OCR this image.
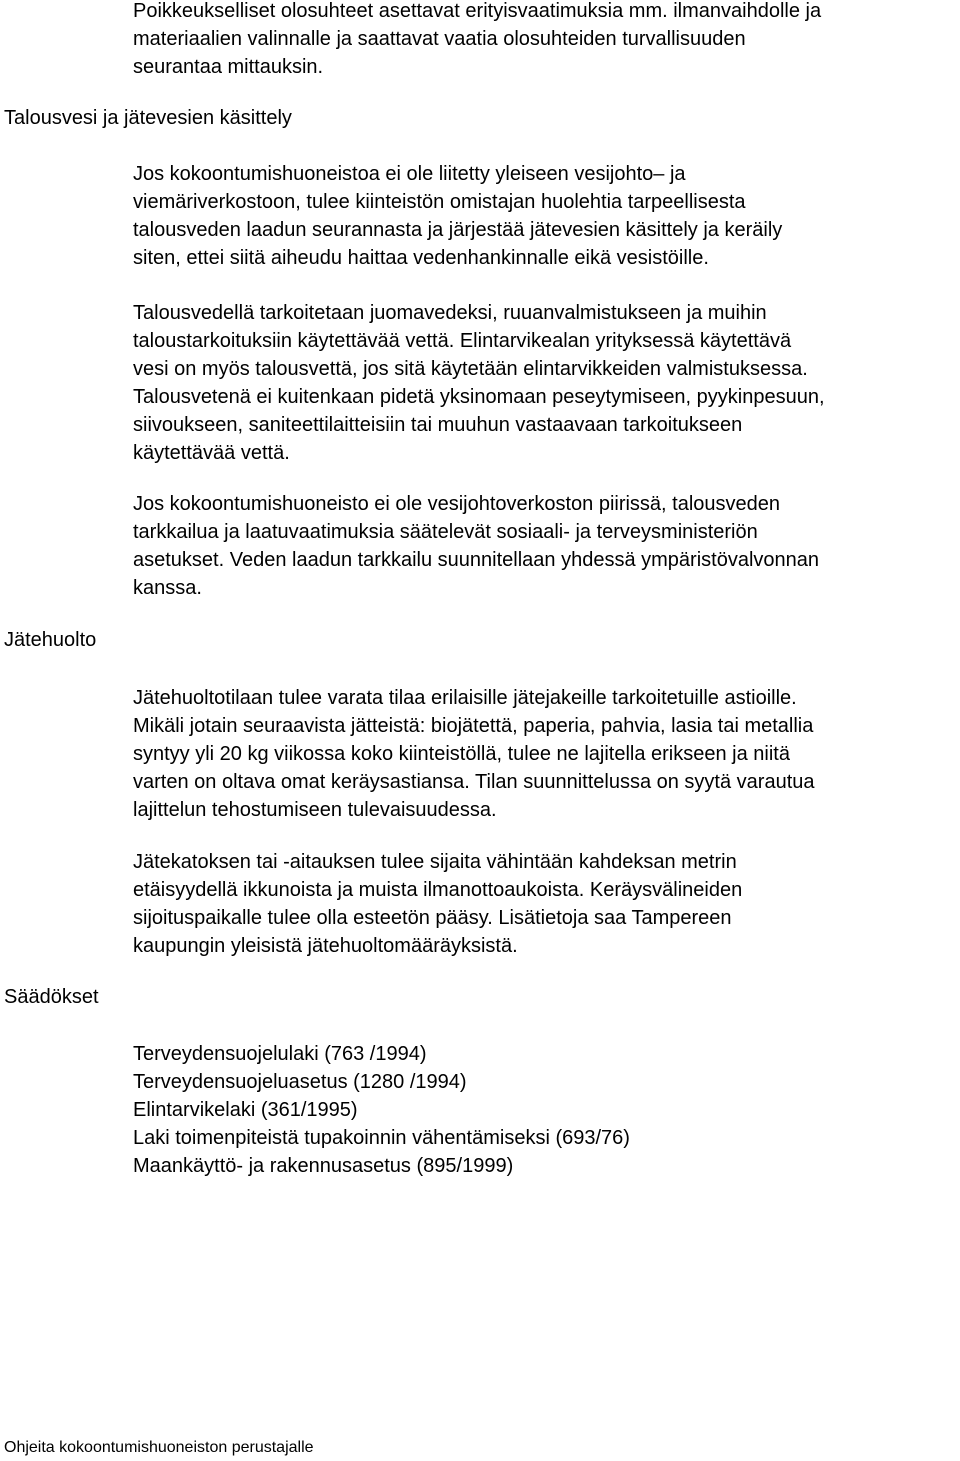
Poikkeukselliset olosuhteet asettavat erityisvaatimuksia mm. ilmanvaihdolle ja
materiaalien valinnalle ja saattavat vaatia olosuhteiden turvallisuuden
seurantaa mittauksin.

Talousvesi ja jätevesien käsittely

Jos kokoontumishuoneistoa ei ole liitetty yleiseen vesijohto– ja
viemäriverkostoon, tulee kiinteistön omistajan huolehtia tarpeellisesta
talousveden laadun seurannasta ja järjestää jätevesien käsittely ja keräily
siten, ettei siitä aiheudu haittaa vedenhankinnalle eikä vesistöille.

Talousvedellä tarkoitetaan juomavedeksi, ruuanvalmistukseen ja muihin
taloustarkoituksiin käytettävää vettä. Elintarvikealan yrityksessä käytettävä
vesi on myös talousvettä, jos sitä käytetään elintarvikkeiden valmistuksessa.
Talousvetenä ei kuitenkaan pidetä yksinomaan peseytymiseen, pyykinpesuun,
siivoukseen, saniteettilaitteisiin tai muuhun vastaavaan tarkoitukseen
käytettävää vettä.

Jos kokoontumishuoneisto ei ole vesijohtoverkoston piirissä, talousveden
tarkkailua ja laatuvaatimuksia säätelevät sosiaali- ja terveysministeriön
asetukset. Veden laadun tarkkailu suunnitellaan yhdessä ympäristövalvonnan
kanssa.

Jätehuolto

Jätehuoltotilaan tulee varata tilaa erilaisille jätejakeille tarkoitetuille astioille.
Mikäli jotain seuraavista jätteistä: biojätettä, paperia, pahvia, lasia tai metallia
syntyy yli 20 kg viikossa koko kiinteistöllä, tulee ne lajitella erikseen ja niitä
varten on oltava omat keräysastiansa. Tilan suunnittelussa on syytä varautua
lajittelun tehostumiseen tulevaisuudessa.

Jätekatoksen tai -aitauksen tulee sijaita vähintään kahdeksan metrin
etäisyydellä ikkunoista ja muista ilmanottoaukoista. Keräysvälineiden
sijoituspaikalle tulee olla esteetön pääsy. Lisätietoja saa Tampereen
kaupungin yleisistä jätehuoltomääräyksistä.

Säädökset
Terveydensuojelulaki (763 /1994)
Terveydensuojeluasetus (1280 /1994)
Elintarvikelaki (361/1995)
Laki toimenpiteistä tupakoinnin vähentämiseksi (693/76)
Maankäyttö- ja rakennusasetus (895/1999)

Ohjeita kokoontumishuoneiston perustajalle
